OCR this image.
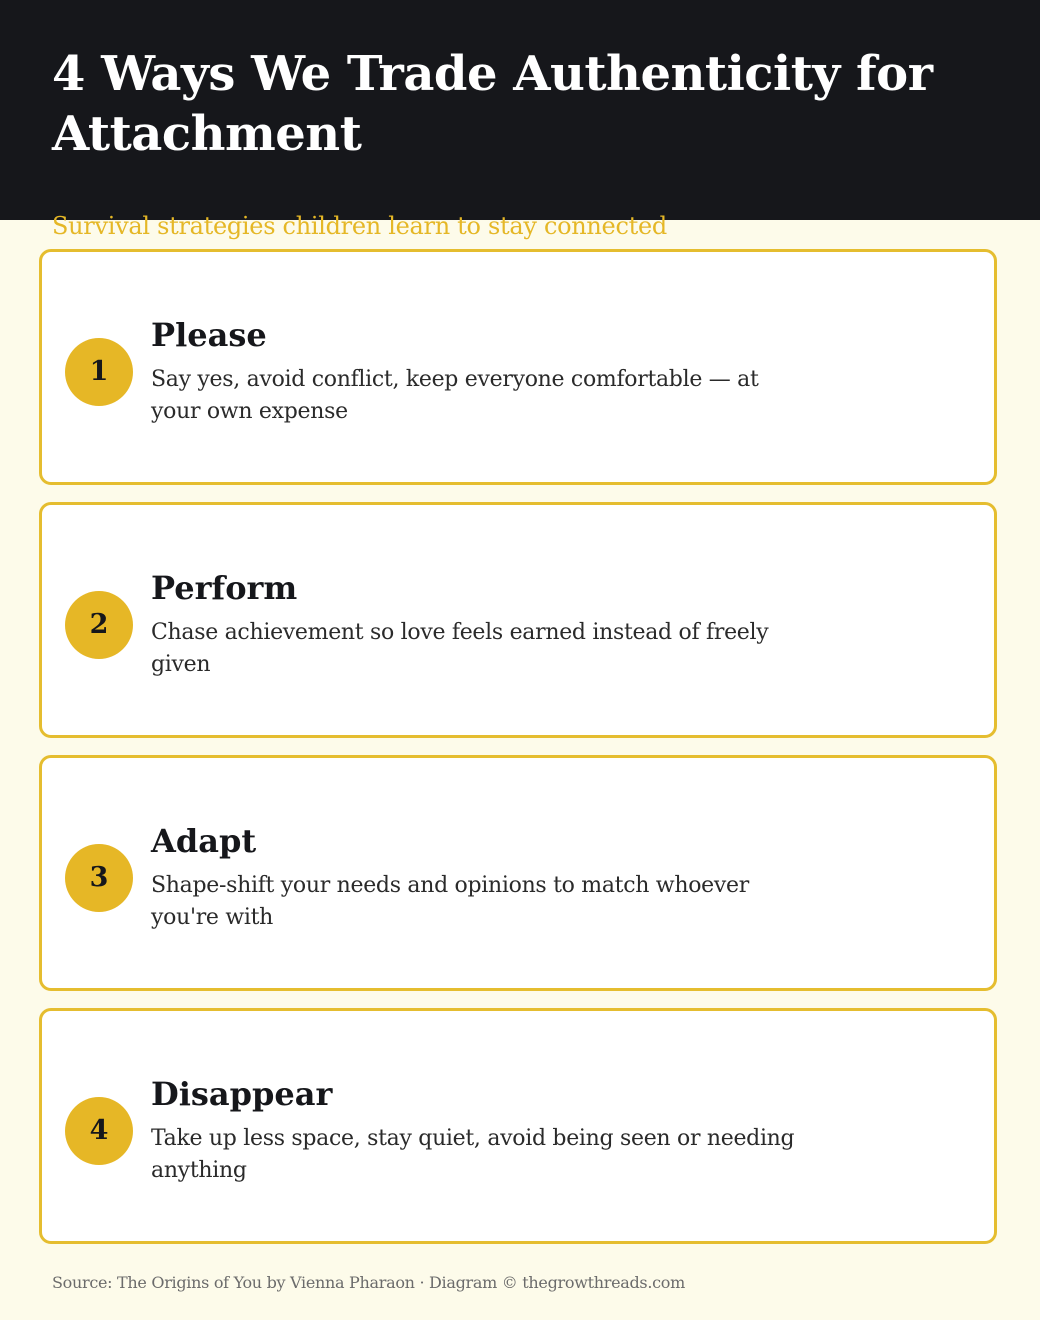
4 Ways We Trade Authenticity for Attachment
Survival strategies children learn to stay connected
1
Please
Say yes, avoid conflict, keep everyone comfortable — at your own expense
2
Perform
Chase achievement so love feels earned instead of freely given
3
Adapt
Shape-shift your needs and opinions to match whoever you're with
4
Disappear
Take up less space, stay quiet, avoid being seen or needing anything
Source: The Origins of You by Vienna Pharaon · Diagram © thegrowthreads.com
